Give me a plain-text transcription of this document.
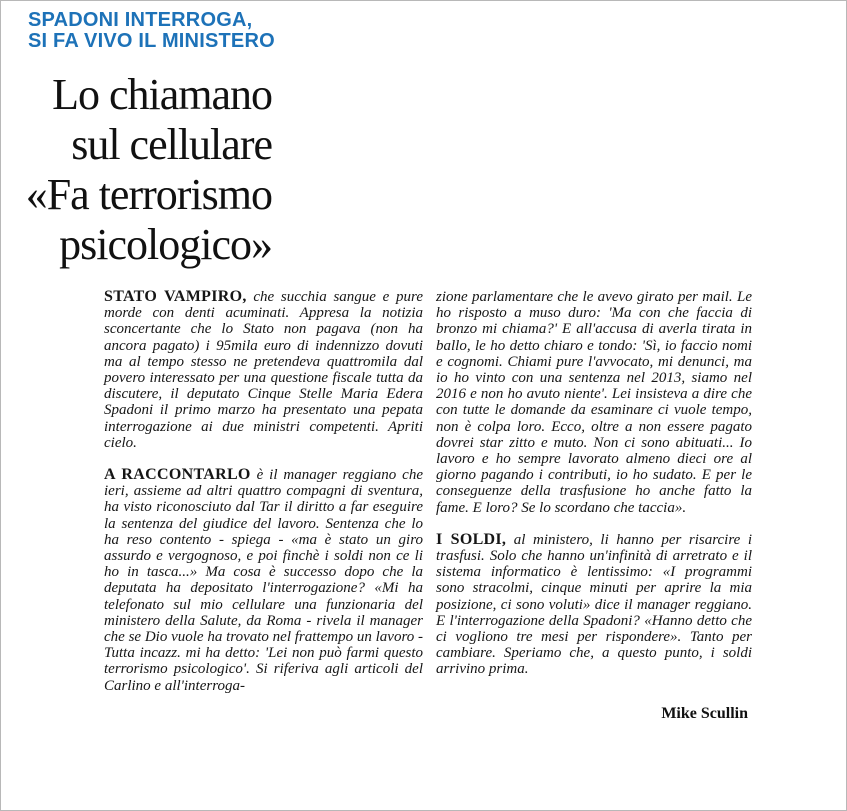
SPADONI INTERROGA,
SI FA VIVO IL MINISTERO
Lo chiamano
sul cellulare
«Fa terrorismo
psicologico»

STATO VAMPIRO, che succhia sangue e pure morde con denti acuminati. Appresa la notizia sconcertante che lo Stato non pagava (non ha ancora pagato) i 95mila euro di indennizzo dovuti ma al tempo stesso ne pretendeva quattromila dal povero interessato per una questione fiscale tutta da discutere, il deputato Cinque Stelle Maria Edera Spadoni il primo marzo ha presentato una pepata interrogazione ai due ministri competenti. Apriti cielo.

A RACCONTARLO è il manager reggiano che ieri, assieme ad altri quattro compagni di sventura, ha visto riconosciuto dal Tar il diritto a far eseguire la sentenza del giudice del lavoro. Sentenza che lo ha reso contento - spiega - «ma è stato un giro assurdo e vergognoso, e poi finchè i soldi non ce li ho in tasca...» Ma cosa è successo dopo che la deputata ha depositato l'interrogazione? «Mi ha telefonato sul mio cellulare una funzionaria del ministero della Salute, da Roma - rivela il manager che se Dio vuole ha trovato nel frattempo un lavoro - Tutta incazz. mi ha detto: 'Lei non può farmi questo terrorismo psicologico'. Si riferiva agli articoli del Carlino e all'interroga-

zione parlamentare che le avevo girato per mail. Le ho risposto a muso duro: 'Ma con che faccia di bronzo mi chiama?' E all'accusa di averla tirata in ballo, le ho detto chiaro e tondo: 'Sì, io faccio nomi e cognomi. Chiami pure l'avvocato, mi denunci, ma io ho vinto con una sentenza nel 2013, siamo nel 2016 e non ho avuto niente'. Lei insisteva a dire che con tutte le domande da esaminare ci vuole tempo, non è colpa loro. Ecco, oltre a non essere pagato dovrei star zitto e muto. Non ci sono abituati... Io lavoro e ho sempre lavorato almeno dieci ore al giorno pagando i contributi, io ho sudato. E per le conseguenze della trasfusione ho anche fatto la fame. E loro? Se lo scordano che taccia».

I SOLDI, al ministero, li hanno per risarcire i trasfusi. Solo che hanno un'infinità di arretrato e il sistema informatico è lentissimo: «I programmi sono stracolmi, cinque minuti per aprire la mia posizione, ci sono voluti» dice il manager reggiano. E l'interrogazione della Spadoni? «Hanno detto che ci vogliono tre mesi per rispondere». Tanto per cambiare. Speriamo che, a questo punto, i soldi arrivino prima.

Mike Scullin
